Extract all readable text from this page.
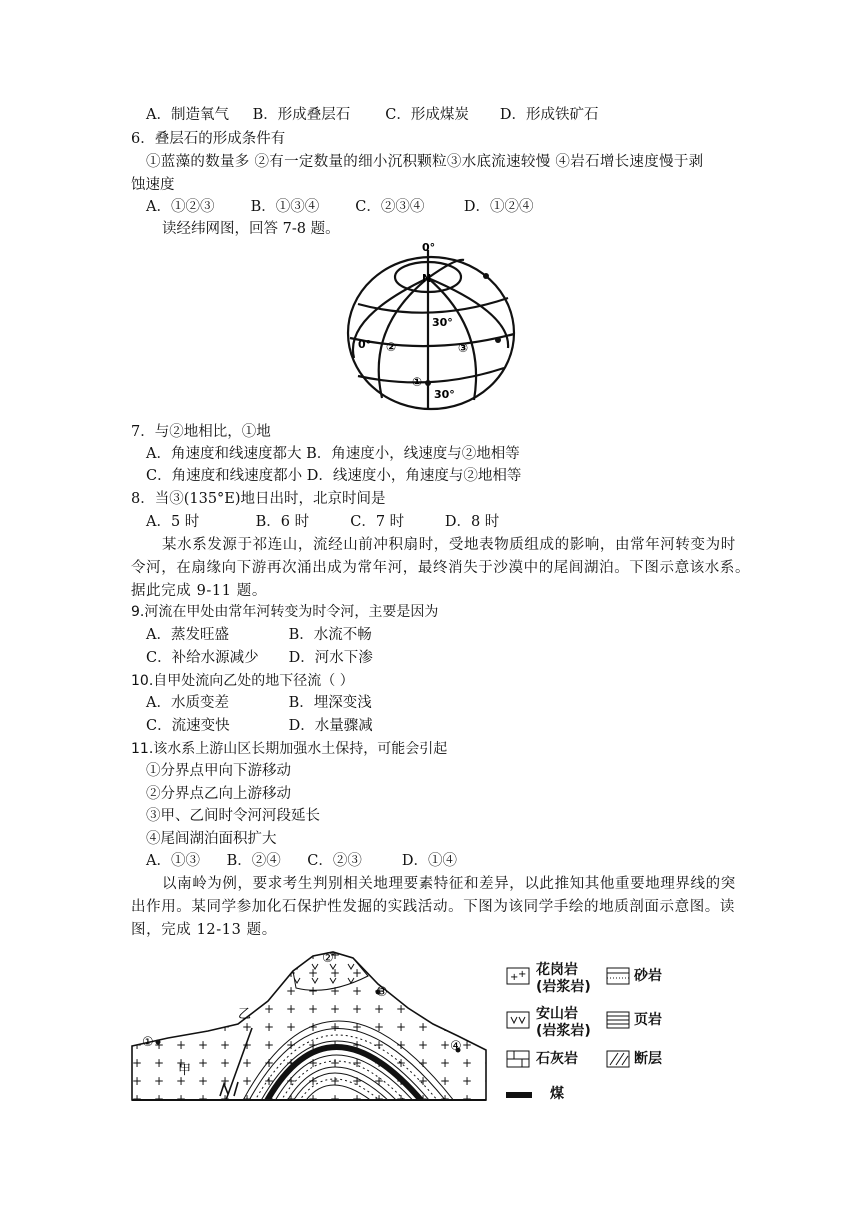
A．制造氧气 B．形成叠层石 C．形成煤炭 D．形成铁矿石
6．叠层石的形成条件有
①蓝藻的数量多 ②有一定数量的细小沉积颗粒③水底流速较慢 ④岩石增长速度慢于剥
蚀速度
A．①②③ B．①③④ C．②③④	D．①②④
读经纬网图，回答 7-8 题。
N
0°
0°
30°
30°
①
②	③
7．与②地相比，①地
A．角速度和线速度都大 B．角速度小，线速度与②地相等
C．角速度和线速度都小 D．线速度小，角速度与②地相等
8．当③(135°E)地日出时，北京时间是
A．5 时	B．6 时	C．7 时	D．8 时
某水系发源于祁连山，流经山前冲积扇时，受地表物质组成的影响，由常年河转变为时
令河，在扇缘向下游再次涌出成为常年河，最终消失于沙漠中的尾闾湖泊。下图示意该水系。
据此完成 9-11 题。
9.河流在甲处由常年河转变为时令河，主要是因为
A．蒸发旺盛	B．水流不畅
C．补给水源减少 D．河水下渗
10.自甲处流向乙处的地下径流（ ）
A．水质变差	B．埋深变浅
C．流速变快	D．水量骤减
11.该水系上游山区长期加强水土保持，可能会引起
①分界点甲向下游移动
②分界点乙向上游移动
③甲、乙间时令河河段延长
④尾闾湖泊面积扩大
A．①③ B．②④ C．②③	D．①④
以南岭为例，要求考生判别相关地理要素特征和差异，以此推知其他重要地理界线的突
出作用。某同学参加化石保护性发掘的实践活动。下图为该同学手绘的地质剖面示意图。读
图，完成 12-13 题。
①
②
③
④
甲
乙
+ + 花岗岩
(岩浆岩)
砂岩
安山岩
(岩浆岩)
页岩
石灰岩	断层
煤
